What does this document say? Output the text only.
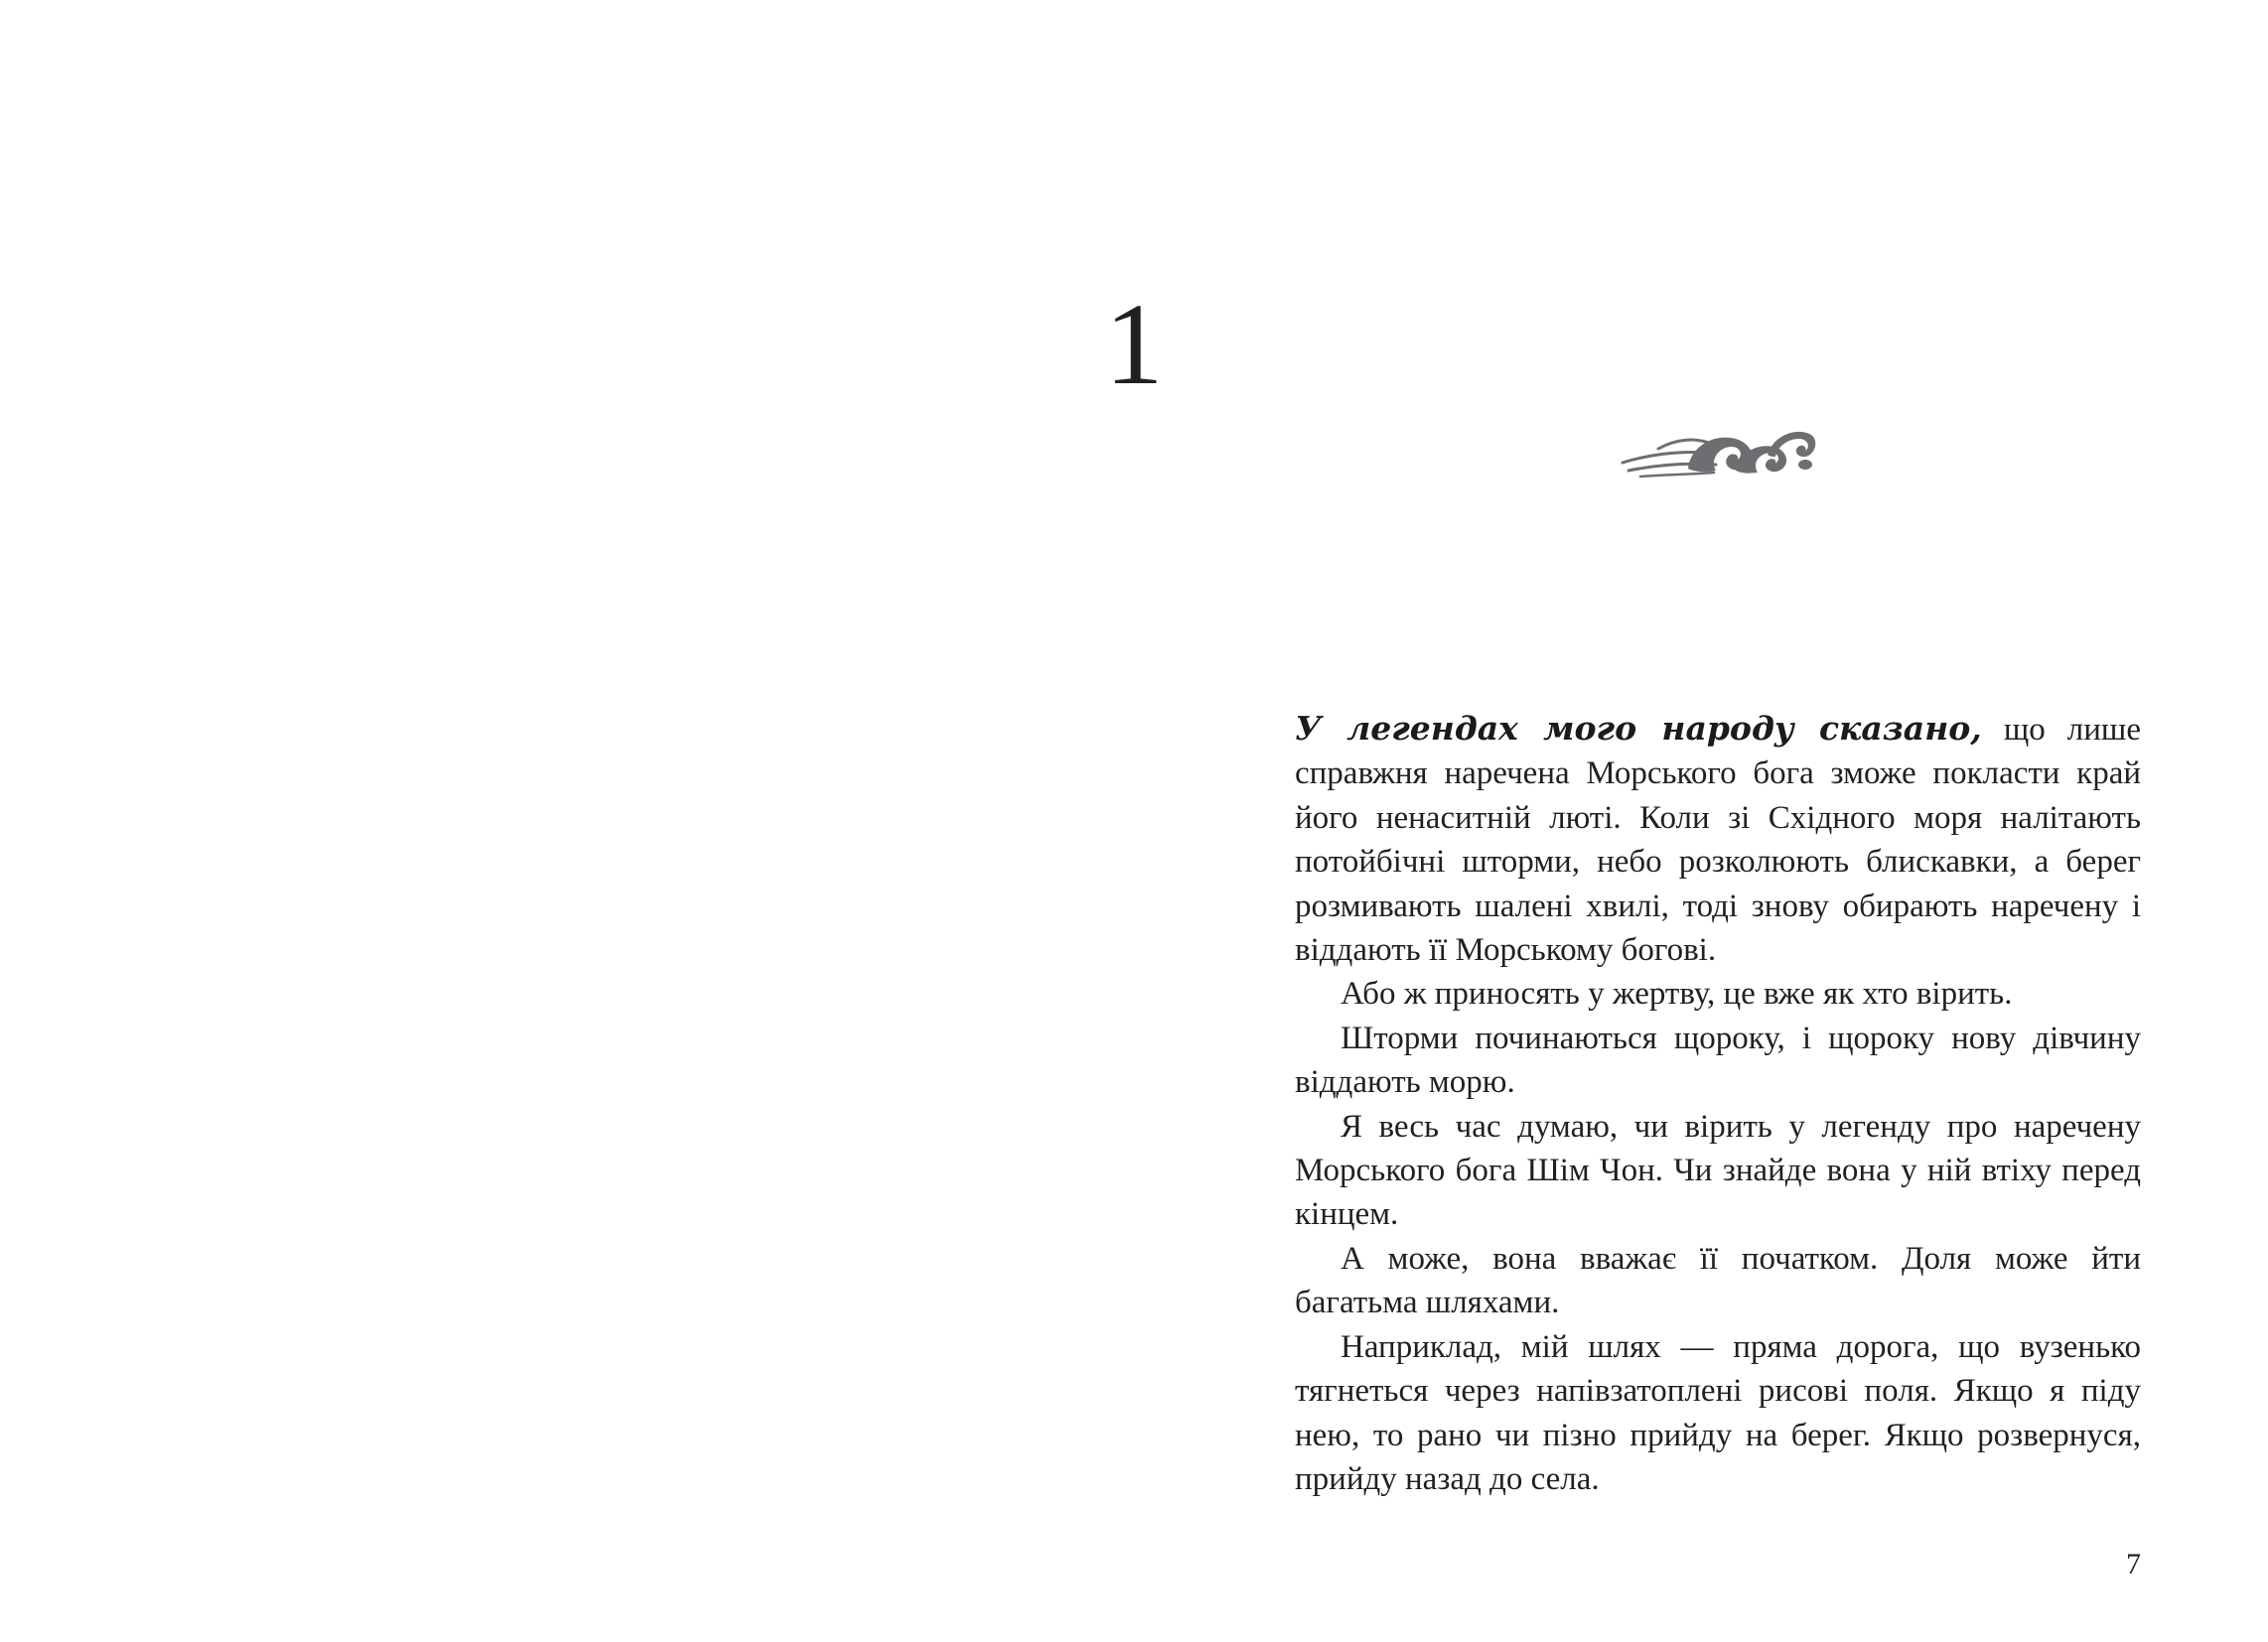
1

У легендах мого народу сказано, що лише справжня наречена Морського бога зможе покласти край його ненаситній люті. Коли зі Східного моря налітають потойбічні шторми, небо розколюють блискавки, а берег розмивають шалені хвилі, тоді знову обирають наречену і віддають її Морському богові.

Або ж приносять у жертву, це вже як хто вірить.

Шторми починаються щороку, і щороку нову дівчину віддають морю.

Я весь час думаю, чи вірить у легенду про наречену Морського бога Шім Чон. Чи знайде вона у ній втіху перед кінцем.

А може, вона вважає її початком. Доля може йти багатьма шляхами.

Наприклад, мій шлях — пряма дорога, що вузенько тягнеться через напівзатоплені рисові поля. Якщо я піду нею, то рано чи пізно прийду на берег. Якщо розвернуся, прийду назад до села.

7
